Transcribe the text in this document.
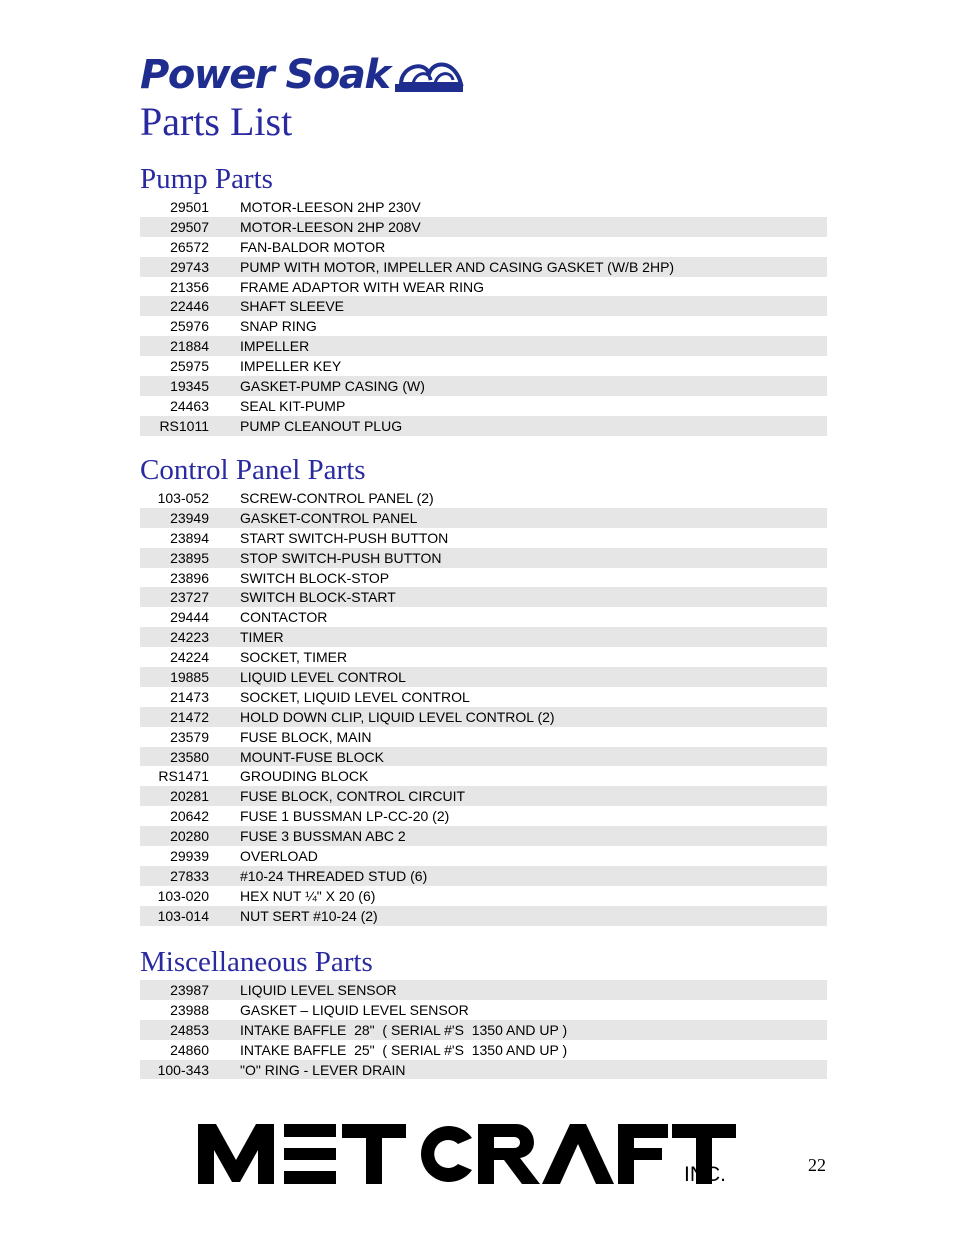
Power Soak
Parts List
Pump Parts
29501 MOTOR-LEESON 2HP 230V
29507 MOTOR-LEESON 2HP 208V
26572 FAN-BALDOR MOTOR
29743 PUMP WITH MOTOR, IMPELLER AND CASING GASKET (W/B 2HP)
21356 FRAME ADAPTOR WITH WEAR RING
22446 SHAFT SLEEVE
25976 SNAP RING
21884 IMPELLER
25975 IMPELLER KEY
19345 GASKET-PUMP CASING (W)
24463 SEAL KIT-PUMP
RS1011 PUMP CLEANOUT PLUG
Control Panel Parts
103-052 SCREW-CONTROL PANEL (2)
23949 GASKET-CONTROL PANEL
23894 START SWITCH-PUSH BUTTON
23895 STOP SWITCH-PUSH BUTTON
23896 SWITCH BLOCK-STOP
23727 SWITCH BLOCK-START
29444 CONTACTOR
24223 TIMER
24224 SOCKET, TIMER
19885 LIQUID LEVEL CONTROL
21473 SOCKET, LIQUID LEVEL CONTROL
21472 HOLD DOWN CLIP, LIQUID LEVEL CONTROL (2)
23579 FUSE BLOCK, MAIN
23580 MOUNT-FUSE BLOCK
RS1471 GROUDING BLOCK
20281 FUSE BLOCK, CONTROL CIRCUIT
20642 FUSE 1 BUSSMAN LP-CC-20 (2)
20280 FUSE 3 BUSSMAN ABC 2
29939 OVERLOAD
27833 #10-24 THREADED STUD (6)
103-020 HEX NUT ¼" X 20 (6)
103-014 NUT SERT #10-24 (2)
Miscellaneous Parts
23987 LIQUID LEVEL SENSOR
23988 GASKET – LIQUID LEVEL SENSOR
24853 INTAKE BAFFLE  28"  ( SERIAL #'S  1350 AND UP )
24860 INTAKE BAFFLE  25"  ( SERIAL #'S  1350 AND UP )
100-343 "O" RING - LEVER DRAIN
INC.	22
